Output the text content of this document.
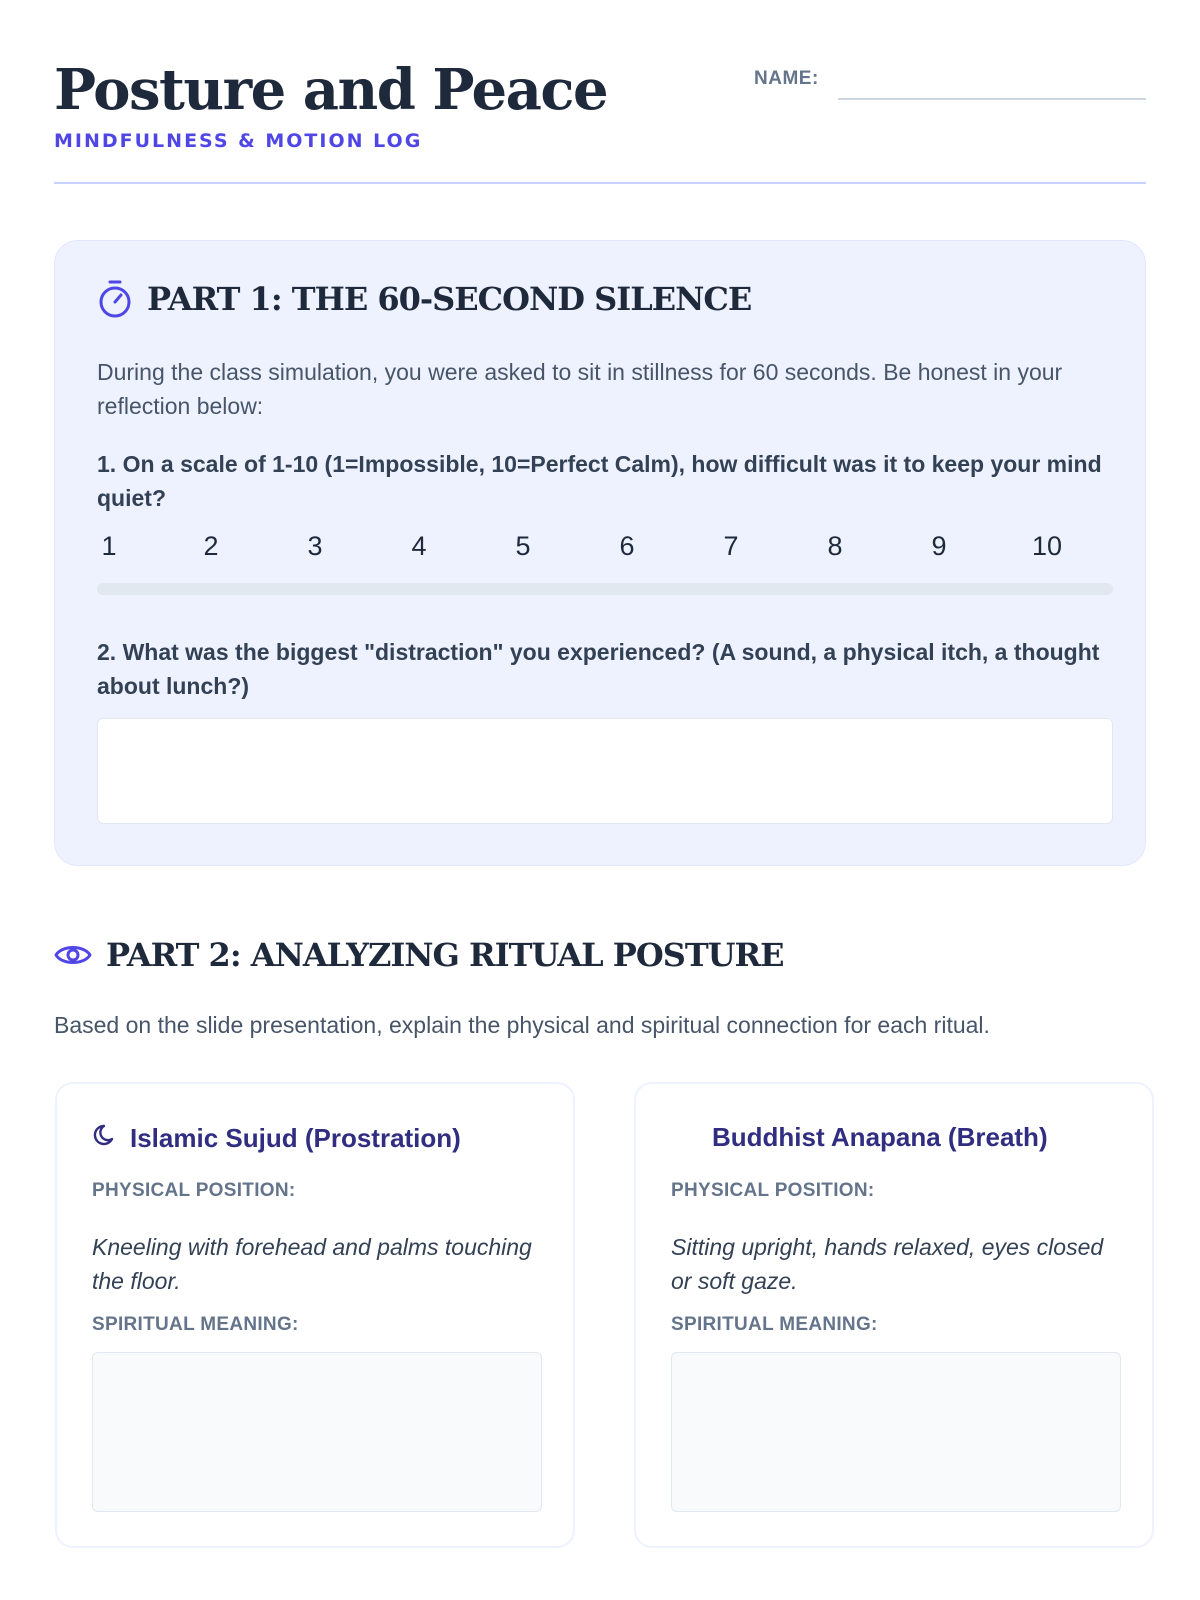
Posture and Peace
MINDFULNESS & MOTION LOG
NAME:
PART 1: THE 60-SECOND SILENCE

During the class simulation, you were asked to sit in stillness for 60 seconds. Be honest in your reflection below:

1. On a scale of 1-10 (1=Impossible, 10=Perfect Calm), how difficult was it to keep your mind quiet?

1	2	3	4	5	6	7	8	9	10

2. What was the biggest "distraction" you experienced? (A sound, a physical itch, a thought about lunch?)

PART 2: ANALYZING RITUAL POSTURE

Based on the slide presentation, explain the physical and spiritual connection for each ritual.

Islamic Sujud (Prostration)
PHYSICAL POSITION:

Kneeling with forehead and palms touching the floor.

SPIRITUAL MEANING:
Buddhist Anapana (Breath)
PHYSICAL POSITION:

Sitting upright, hands relaxed, eyes closed or soft gaze.

SPIRITUAL MEANING:
